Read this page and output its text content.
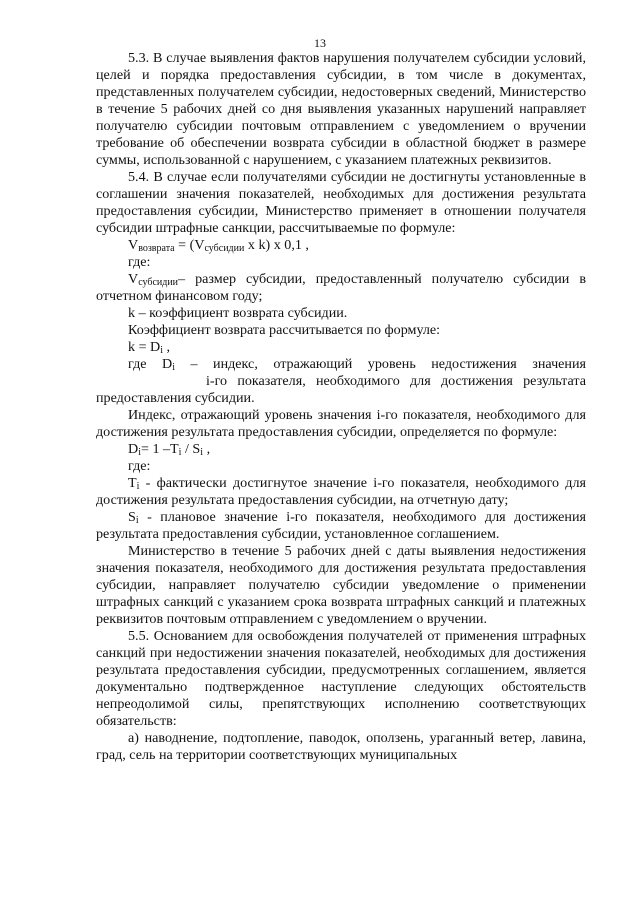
13

5.3. В случае выявления фактов нарушения получателем субсидии условий, целей и порядка предоставления субсидии, в том числе в документах, представленных получателем субсидии, недостоверных сведений, Министерство в течение 5 рабочих дней со дня выявления указанных нарушений направляет получателю субсидии почтовым отправлением с уведомлением о вручении требование об обеспечении возврата субсидии в областной бюджет в размере суммы, использованной с нарушением, с указанием платежных реквизитов.

5.4. В случае если получателями субсидии не достигнуты установленные в соглашении значения показателей, необходимых для достижения результата предоставления субсидии, Министерство применяет в отношении получателя субсидии штрафные санкции, рассчитываемые по формуле:

$V_{возврата} = (V_{субсидии}$ x k) x 0,1 ,

где:

$V_{субсидии}-$ размер субсидии, предоставленный получателю субсидии в отчетном финансовом году;

k – коэффициент возврата субсидии.

Коэффициент возврата рассчитывается по формуле:

$k = D_i$ ,

где $D_i$ – индекс, отражающий уровень недостижения значенияi-го показателя, необходимого для достижения результата предоставления субсидии.

Индекс, отражающий уровень значения i-го показателя, необходимого для достижения результата предоставления субсидии, определяется по формуле:

$D_i= 1$ $-T_i / S_i$ ,

где:

$T_i$ - фактически достигнутое значение i-го показателя, необходимого для достижения результата предоставления субсидии, на отчетную дату;

$S_i$ - плановое значение i-го показателя, необходимого для достижения результата предоставления субсидии, установленное соглашением.

Министерство в течение 5 рабочих дней с даты выявления недостижения значения показателя, необходимого для достижения результата предоставления субсидии, направляет получателю субсидии уведомление о применении штрафных санкций с указанием срока возврата штрафных санкций и платежных реквизитов почтовым отправлением с уведомлением о вручении.

5.5. Основанием для освобождения получателей от применения штрафных санкций при недостижении значения показателей, необходимых для достижения результата предоставления субсидии, предусмотренных соглашением, является документально подтвержденное наступление следующих обстоятельств непреодолимой силы, препятствующих исполнению соответствующих обязательств:

а) наводнение, подтопление, паводок, оползень, ураганный ветер, лавина, град, сель на территории соответствующих муниципальных
